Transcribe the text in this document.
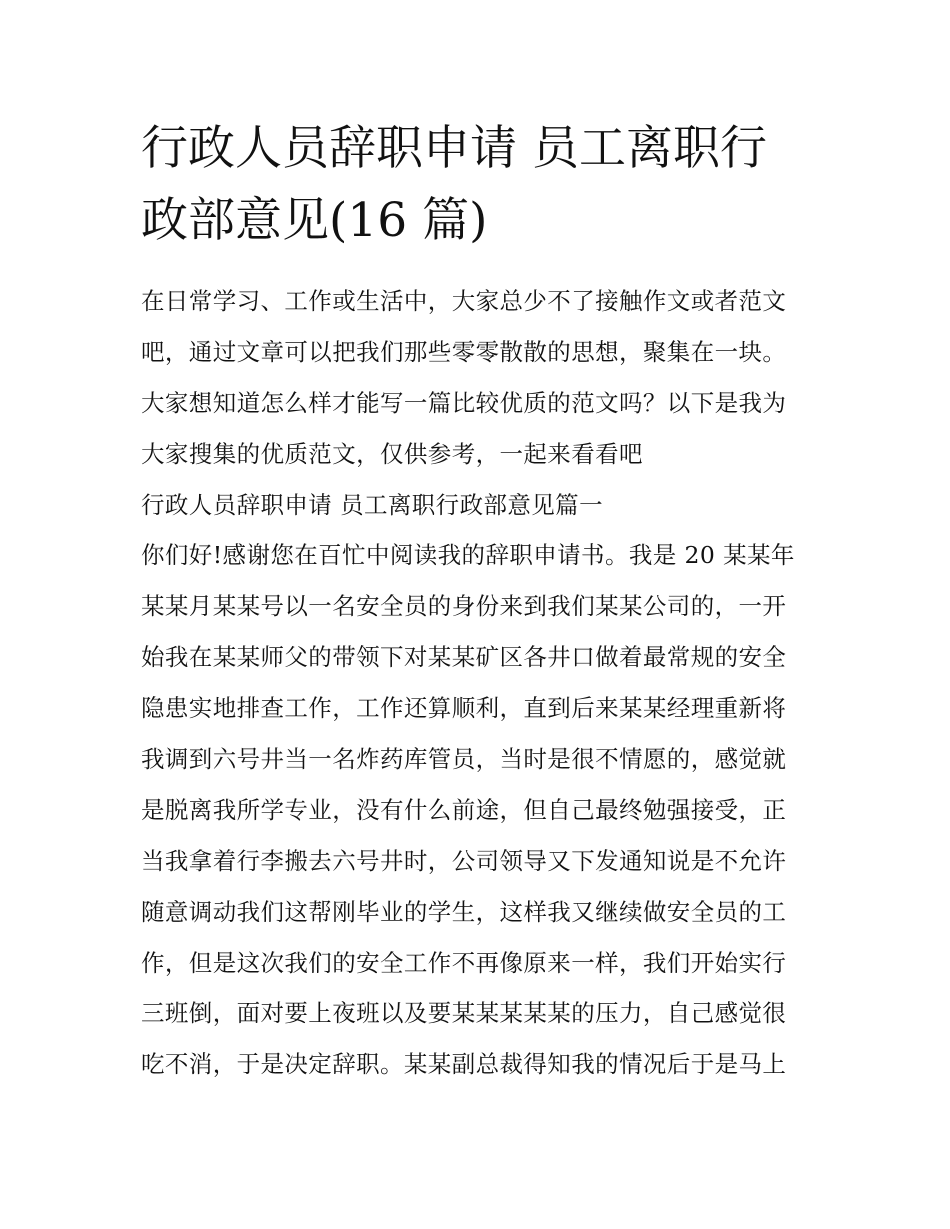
行政人员辞职申请 员工离职行
政部意见(16 篇)
在日常学习、工作或生活中，大家总少不了接触作文或者范文
吧，通过文章可以把我们那些零零散散的思想，聚集在一块。
大家想知道怎么样才能写一篇比较优质的范文吗？以下是我为
大家搜集的优质范文，仅供参考，一起来看看吧
行政人员辞职申请 员工离职行政部意见篇一
你们好!感谢您在百忙中阅读我的辞职申请书。我是 20 某某年
某某月某某号以一名安全员的身份来到我们某某公司的，一开
始我在某某师父的带领下对某某矿区各井口做着最常规的安全
隐患实地排查工作，工作还算顺利，直到后来某某经理重新将
我调到六号井当一名炸药库管员，当时是很不情愿的，感觉就
是脱离我所学专业，没有什么前途，但自己最终勉强接受，正
当我拿着行李搬去六号井时，公司领导又下发通知说是不允许
随意调动我们这帮刚毕业的学生，这样我又继续做安全员的工
作，但是这次我们的安全工作不再像原来一样，我们开始实行
三班倒，面对要上夜班以及要某某某某某的压力，自己感觉很
吃不消，于是决定辞职。某某副总裁得知我的情况后于是马上
